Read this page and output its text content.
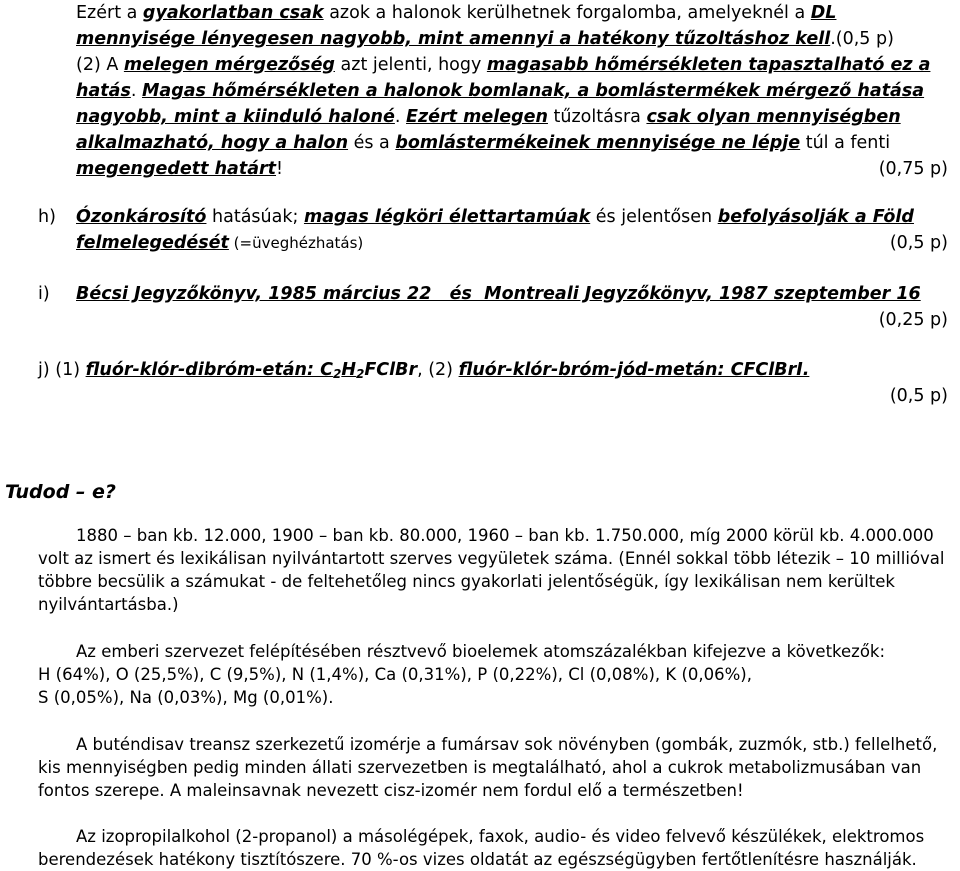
Ezért a gyakorlatban csak azok a halonok kerülhetnek forgalomba, amelyeknél a DL mennyisége lényegesen nagyobb, mint amennyi a hatékony tűzoltáshoz kell.(0,5 p)
(2) A melegen mérgezőség azt jelenti, hogy magasabb hőmérsékleten tapasztalható ez a hatás. Magas hőmérsékleten a halonok bomlanak, a bomlástermékek mérgező hatása nagyobb, mint a kiinduló haloné. Ezért melegen tűzoltásra csak olyan mennyiségben alkalmazható, hogy a halon és a bomlástermékeinek mennyisége ne lépje túl a fenti megengedett határt!	(0,75 p)
h) Ózonkárosító hatásúak; magas légköri élettartamúak és jelentősen befolyásolják a Föld felmelegedését (=üveghézhatás)	(0,5 p)
i) Bécsi Jegyzőkönyv, 1985 március 22   és  Montreali Jegyzőkönyv, 1987 szeptember 16
(0,25 p)
j) (1) fluór-klór-dibróm-etán: $C_2H_2FClBr$, (2) fluór-klór-bróm-jód-metán: CFClBrI.

(0,5 p)
Tudod – e?
1880 – ban kb. 12.000, 1900 – ban kb. 80.000, 1960 – ban kb. 1.750.000, míg 2000 körül kb. 4.000.000
volt az ismert és lexikálisan nyilvántartott szerves vegyületek száma. (Ennél sokkal több létezik – 10 millióval
többre becsülik a számukat - de feltehetőleg nincs gyakorlati jelentőségük, így lexikálisan nem kerültek
nyilvántartásba.)
Az emberi szervezet felépítésében résztvevő bioelemek atomszázalékban kifejezve a következők:
H (64%), O (25,5%), C (9,5%), N (1,4%), Ca (0,31%), P (0,22%), Cl (0,08%), K (0,06%),
S (0,05%), Na (0,03%), Mg (0,01%).
A buténdisav treansz szerkezetű izomérje a fumársav sok növényben (gombák, zuzmók, stb.) fellelhető,
kis mennyiségben pedig minden állati szervezetben is megtalálható, ahol a cukrok metabolizmusában van
fontos szerepe. A maleinsavnak nevezett cisz-izomér nem fordul elő a természetben!
Az izopropilalkohol (2-propanol) a másolégépek, faxok, audio- és video felvevő készülékek, elektromos
berendezések hatékony tisztítószere. 70 %-os vizes oldatát az egészségügyben fertőtlenítésre használják.
